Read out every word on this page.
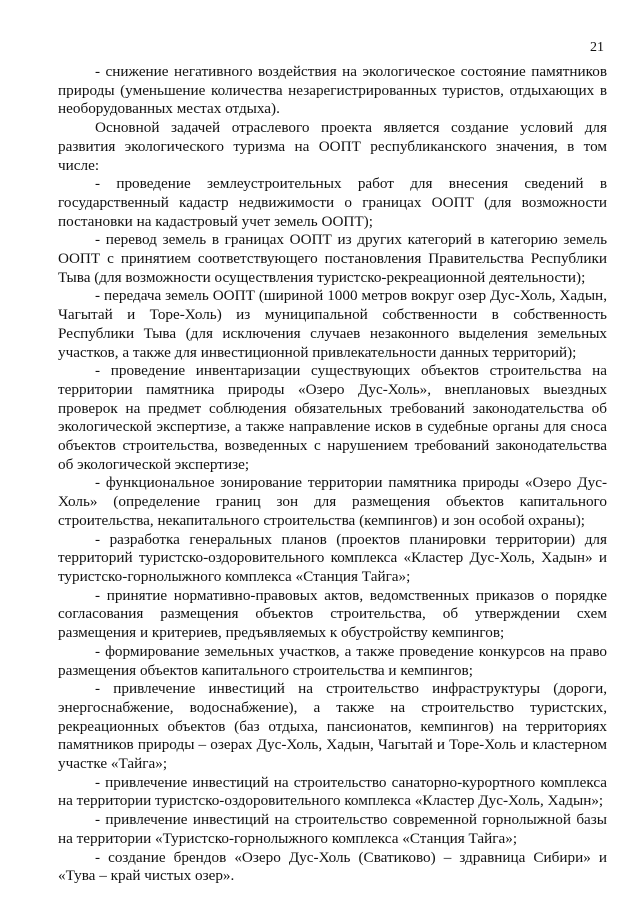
21

- снижение негативного воздействия на экологическое состояние памятников природы (уменьшение количества незарегистрированных туристов, отдыхающих в необорудованных местах отдыха).

Основной задачей отраслевого проекта является создание условий для развития экологического туризма на ООПТ республиканского значения, в том числе:

- проведение землеустроительных работ для внесения сведений в государственный кадастр недвижимости о границах ООПТ (для возможности постановки на кадастровый учет земель ООПТ);

- перевод земель в границах ООПТ из других категорий в категорию земель ООПТ с принятием соответствующего постановления Правительства Республики Тыва (для возможности осуществления туристско-рекреационной деятельности);

- передача земель ООПТ (шириной 1000 метров вокруг озер Дус-Холь, Хадын, Чагытай и Торе-Холь) из муниципальной собственности в собственность Республики Тыва (для исключения случаев незаконного выделения земельных участков, а также для инвестиционной привлекательности данных территорий);

- проведение инвентаризации существующих объектов строительства на территории памятника природы «Озеро Дус-Холь», внеплановых выездных проверок на предмет соблюдения обязательных требований законодательства об экологической экспертизе, а также направление исков в судебные органы для сноса объектов строительства, возведенных с нарушением требований законодательства об экологической экспертизе;

- функциональное зонирование территории памятника природы «Озеро Дус-Холь» (определение границ зон для размещения объектов капитального строительства, некапитального строительства (кемпингов) и зон особой охраны);

- разработка генеральных планов (проектов планировки территории) для территорий туристско-оздоровительного комплекса «Кластер Дус-Холь, Хадын» и туристско-горнолыжного комплекса «Станция Тайга»;

- принятие нормативно-правовых актов, ведомственных приказов о порядке согласования размещения объектов строительства, об утверждении схем размещения и критериев, предъявляемых к обустройству кемпингов;

- формирование земельных участков, а также проведение конкурсов на право размещения объектов капитального строительства и кемпингов;

- привлечение инвестиций на строительство инфраструктуры (дороги, энергоснабжение, водоснабжение), а также на строительство туристских, рекреационных объектов (баз отдыха, пансионатов, кемпингов) на территориях памятников природы – озерах Дус-Холь, Хадын, Чагытай и Торе-Холь и кластерном участке «Тайга»;

- привлечение инвестиций на строительство санаторно-курортного комплекса на территории туристско-оздоровительного комплекса «Кластер Дус-Холь, Хадын»;

- привлечение инвестиций на строительство современной горнолыжной базы на территории «Туристско-горнолыжного комплекса «Станция Тайга»;

- создание брендов «Озеро Дус-Холь (Сватиково) – здравница Сибири» и «Тува – край чистых озер».
